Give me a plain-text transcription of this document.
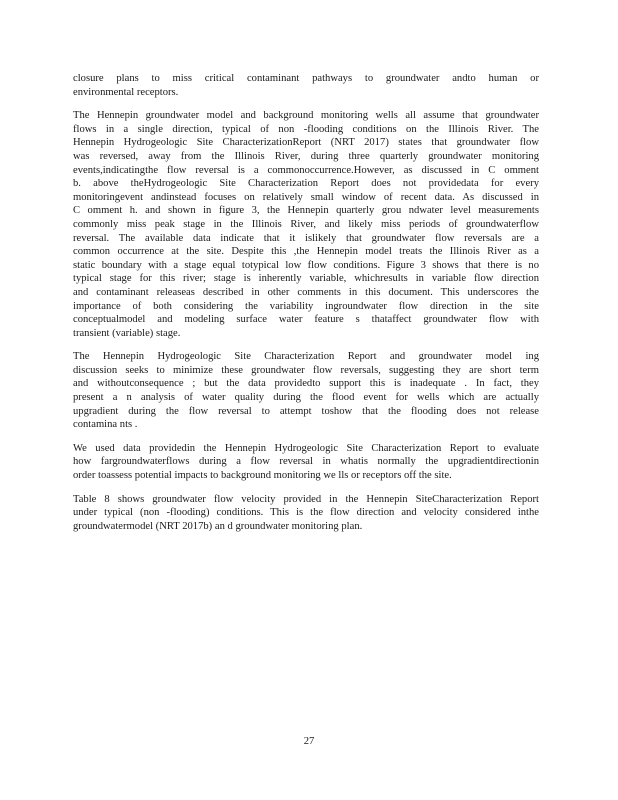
closure plans to miss critical contaminant pathways to groundwater andto human or
environmental receptors.

The Hennepin groundwater model and background monitoring wells all assume that groundwater
flows in a single direction, typical of non -flooding conditions on the Illinois River. The
Hennepin Hydrogeologic Site CharacterizationReport (NRT 2017) states that groundwater flow
was reversed, away from the Illinois River, during three quarterly groundwater monitoring
events,indicatingthe flow reversal is a commonoccurrence.However, as discussed in C omment
b. above theHydrogeologic Site Characterization Report does not providedata for every
monitoringevent andinstead focuses on relatively small window of recent data. As discussed in
C omment h. and shown in figure 3, the Hennepin quarterly grou ndwater level measurements
commonly miss peak stage in the Illinois River, and likely miss periods of groundwaterflow
reversal. The available data indicate that it islikely that groundwater flow reversals are a
common occurrence at the site. Despite this ,the Hennepin model treats the Illinois River as a
static boundary with a stage equal totypical low flow conditions. Figure 3 shows that there is no
typical stage for this river; stage is inherently variable, whichresults in variable flow direction
and contaminant releaseas described in other comments in this document. This underscores the
importance of both considering the variability ingroundwater flow direction in the site
conceptualmodel and modeling surface water feature s thataffect groundwater flow with
transient (variable) stage.

The Hennepin Hydrogeologic Site Characterization Report and groundwater model ing
discussion seeks to minimize these groundwater flow reversals, suggesting they are short term
and withoutconsequence ; but the data providedto support this is inadequate . In fact, they
present a n analysis of water quality during the flood event for wells which are actually
upgradient during the flow reversal to attempt toshow that the flooding does not release
contamina nts .

We used data providedin the Hennepin Hydrogeologic Site Characterization Report to evaluate
how fargroundwaterflows during a flow reversal in whatis normally the upgradientdirectionin
order toassess potential impacts to background monitoring we lls or receptors off the site.

Table 8 shows groundwater flow velocity provided in the Hennepin SiteCharacterization Report
under typical (non -flooding) conditions. This is the flow direction and velocity considered inthe
groundwatermodel (NRT 2017b) an d groundwater monitoring plan.

27
